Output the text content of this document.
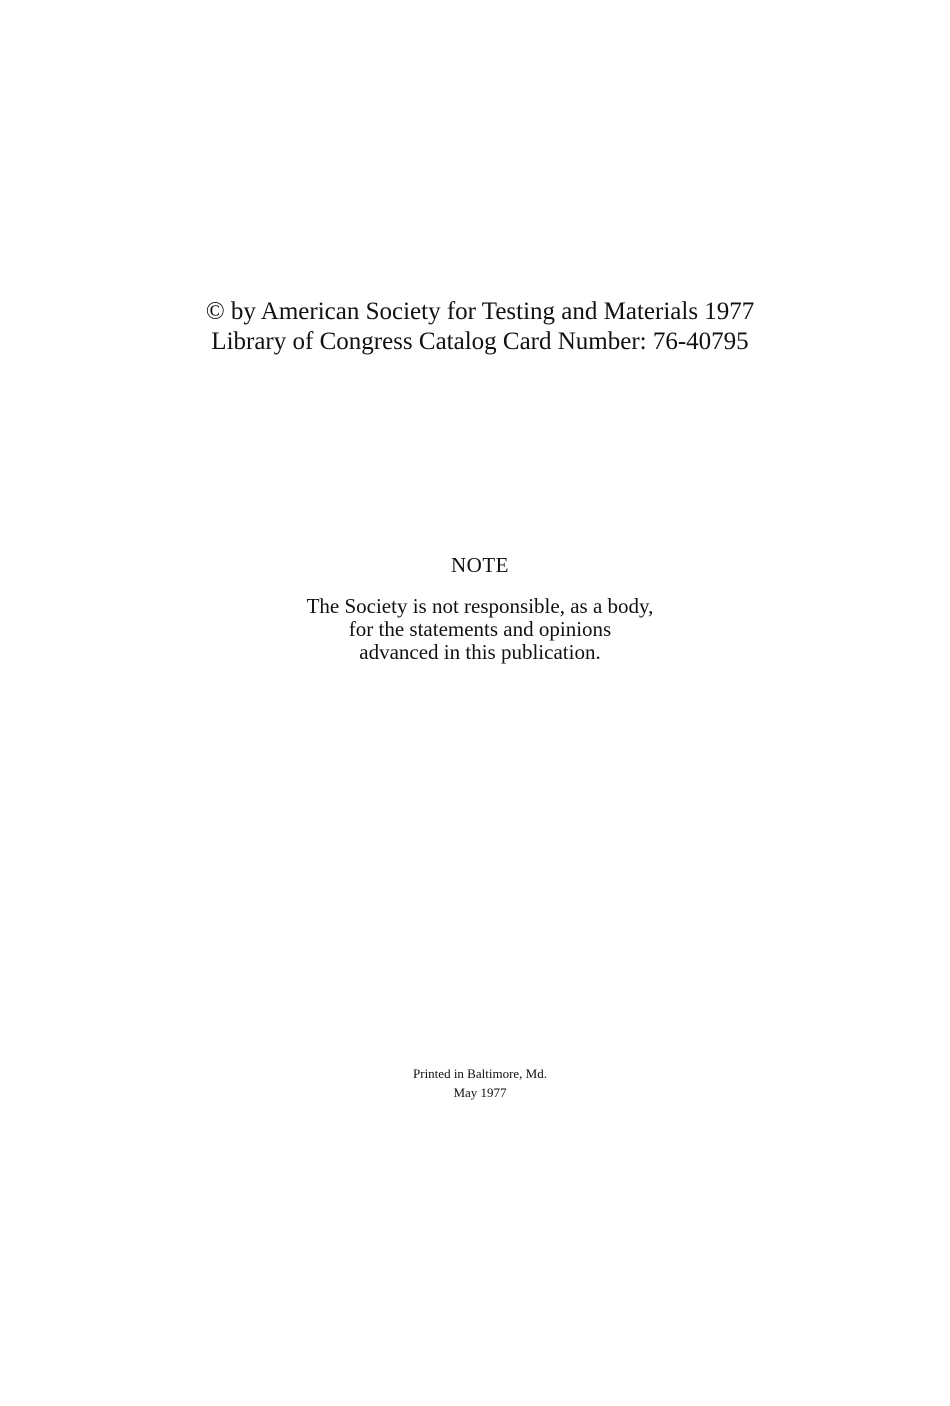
© by American Society for Testing and Materials 1977
Library of Congress Catalog Card Number: 76-40795
NOTE
The Society is not responsible, as a body,
for the statements and opinions
advanced in this publication.
Printed in Baltimore, Md.
May 1977
